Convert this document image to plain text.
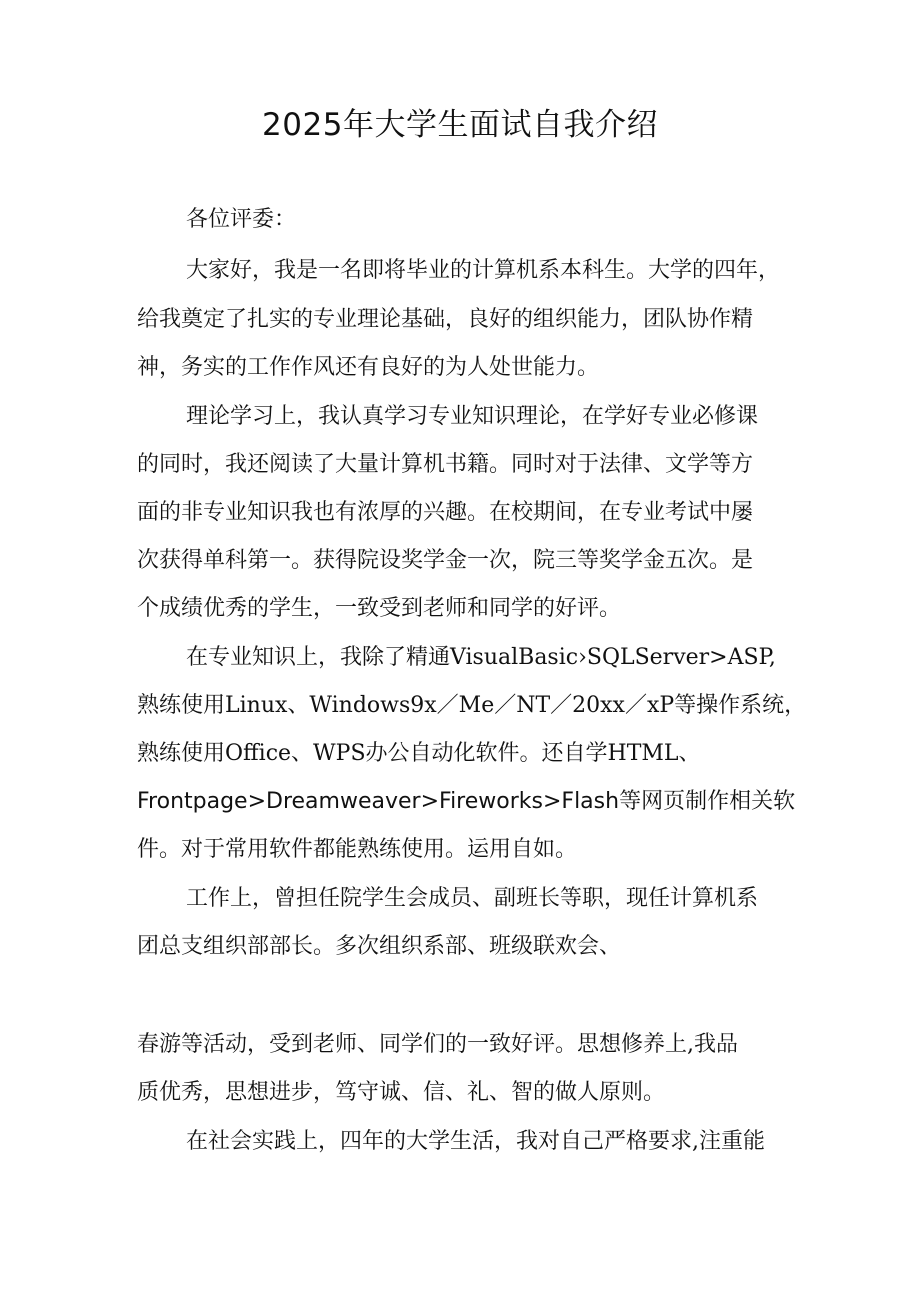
2025年大学生面试自我介绍

各位评委：

大家好，我是一名即将毕业的计算机系本科生。大学的四年，

给我奠定了扎实的专业理论基础，良好的组织能力，团队协作精

神，务实的工作作风还有良好的为人处世能力。

理论学习上，我认真学习专业知识理论，在学好专业必修课

的同时，我还阅读了大量计算机书籍。同时对于法律、文学等方

面的非专业知识我也有浓厚的兴趣。在校期间，在专业考试中屡

次获得单科第一。获得院设奖学金一次，院三等奖学金五次。是

个成绩优秀的学生，一致受到老师和同学的好评。

在专业知识上，我除了精通VisualBasic›SQLServer>ASP,

熟练使用Linux、Windows9x／Me／NT／20xx／xP等操作系统，

熟练使用Office、WPS办公自动化软件。还自学HTML、

Frontpage>Dreamweaver>Fireworks>Flash等网页制作相关软

件。对于常用软件都能熟练使用。运用自如。

工作上，曾担任院学生会成员、副班长等职，现任计算机系

团总支组织部部长。多次组织系部、班级联欢会、

春游等活动，受到老师、同学们的一致好评。思想修养上,我品

质优秀，思想进步，笃守诚、信、礼、智的做人原则。

在社会实践上，四年的大学生活，我对自己严格要求,注重能
